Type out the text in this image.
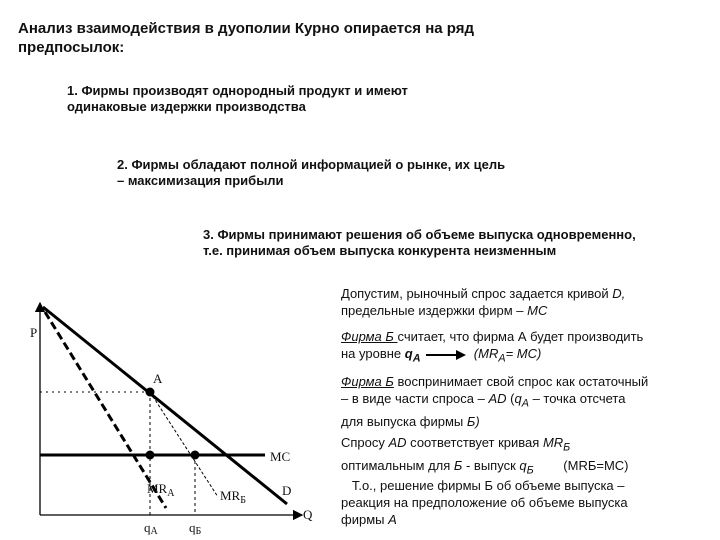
Анализ взаимодействия в дуополии Курно опирается на ряд
предпосылок:
1. Фирмы производят однородный продукт и имеют
одинаковые издержки производства
2. Фирмы обладают полной информацией о рынке, их цель
– максимизация прибыли
3. Фирмы принимают решения об объеме выпуска одновременно,
т.е. принимая объем выпуска конкурента неизменным
P
Q
A
MC
D
$MR_A$	$MR_Б$
qA qБ
Допустим, рыночный спрос задается кривой D,
предельные издержки фирм – MC
Фирма Б считает, что фирма А будет производить
на уровне $q_A$	$(MR_A= MC)$
Фирма Б воспринимает свой спрос как остаточный
– в виде части спроса – AD ($q_A$ – точка отсчета
для выпуска фирмы Б)
Спросу AD соответствует кривая $MR_Б$
оптимальным для Б - выпуск $q_Б$ (MRБ=MC)
Т.о., решение фирмы Б об объеме выпуска –
реакция на предположение об объеме выпуска
фирмы А
